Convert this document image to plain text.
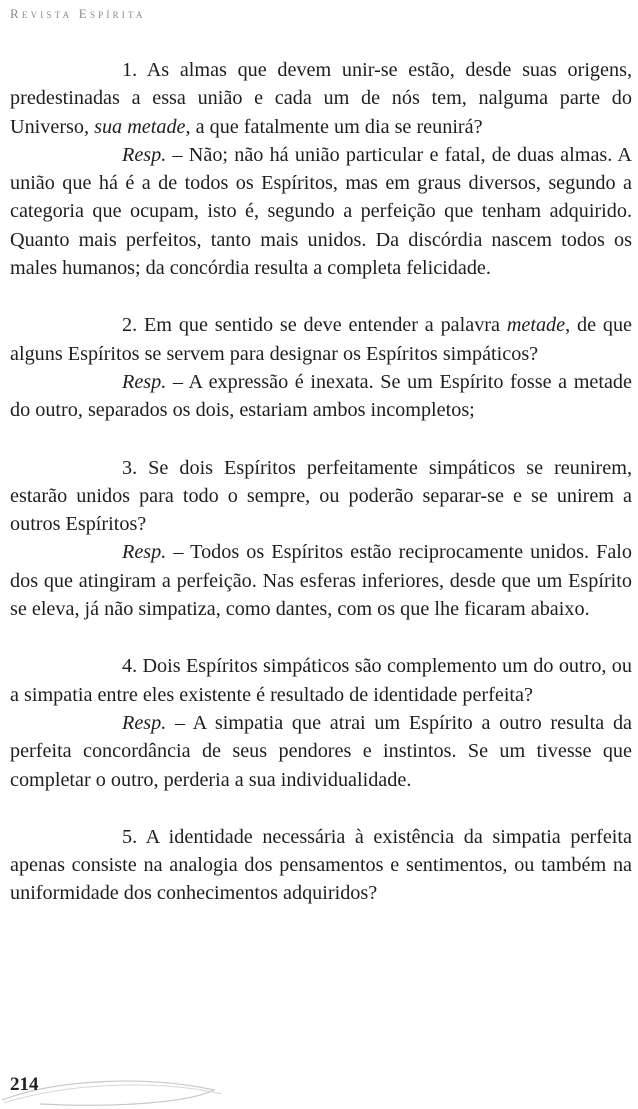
Revista Espírita

1. As almas que devem unir-se estão, desde suas origens, predestinadas a essa união e cada um de nós tem, nalguma parte do Universo, sua metade, a que fatalmente um dia se reunirá?

Resp. – Não; não há união particular e fatal, de duas almas. A união que há é a de todos os Espíritos, mas em graus diversos, segundo a categoria que ocupam, isto é, segundo a perfeição que tenham adquirido. Quanto mais perfeitos, tanto mais unidos. Da discórdia nascem todos os males humanos; da concórdia resulta a completa felicidade.

2. Em que sentido se deve entender a palavra metade, de que alguns Espíritos se servem para designar os Espíritos simpáticos?

Resp. – A expressão é inexata. Se um Espírito fosse a metade do outro, separados os dois, estariam ambos incompletos;

3. Se dois Espíritos perfeitamente simpáticos se reunirem, estarão unidos para todo o sempre, ou poderão separar-se e se unirem a outros Espíritos?

Resp. – Todos os Espíritos estão reciprocamente unidos. Falo dos que atingiram a perfeição. Nas esferas inferiores, desde que um Espírito se eleva, já não simpatiza, como dantes, com os que lhe ficaram abaixo.

4. Dois Espíritos simpáticos são complemento um do outro, ou a simpatia entre eles existente é resultado de identidade perfeita?

Resp. – A simpatia que atrai um Espírito a outro resulta da perfeita concordância de seus pendores e instintos. Se um tivesse que completar o outro, perderia a sua individualidade.

5. A identidade necessária à existência da simpatia perfeita apenas consiste na analogia dos pensamentos e sentimentos, ou também na uniformidade dos conhecimentos adquiridos?

214
